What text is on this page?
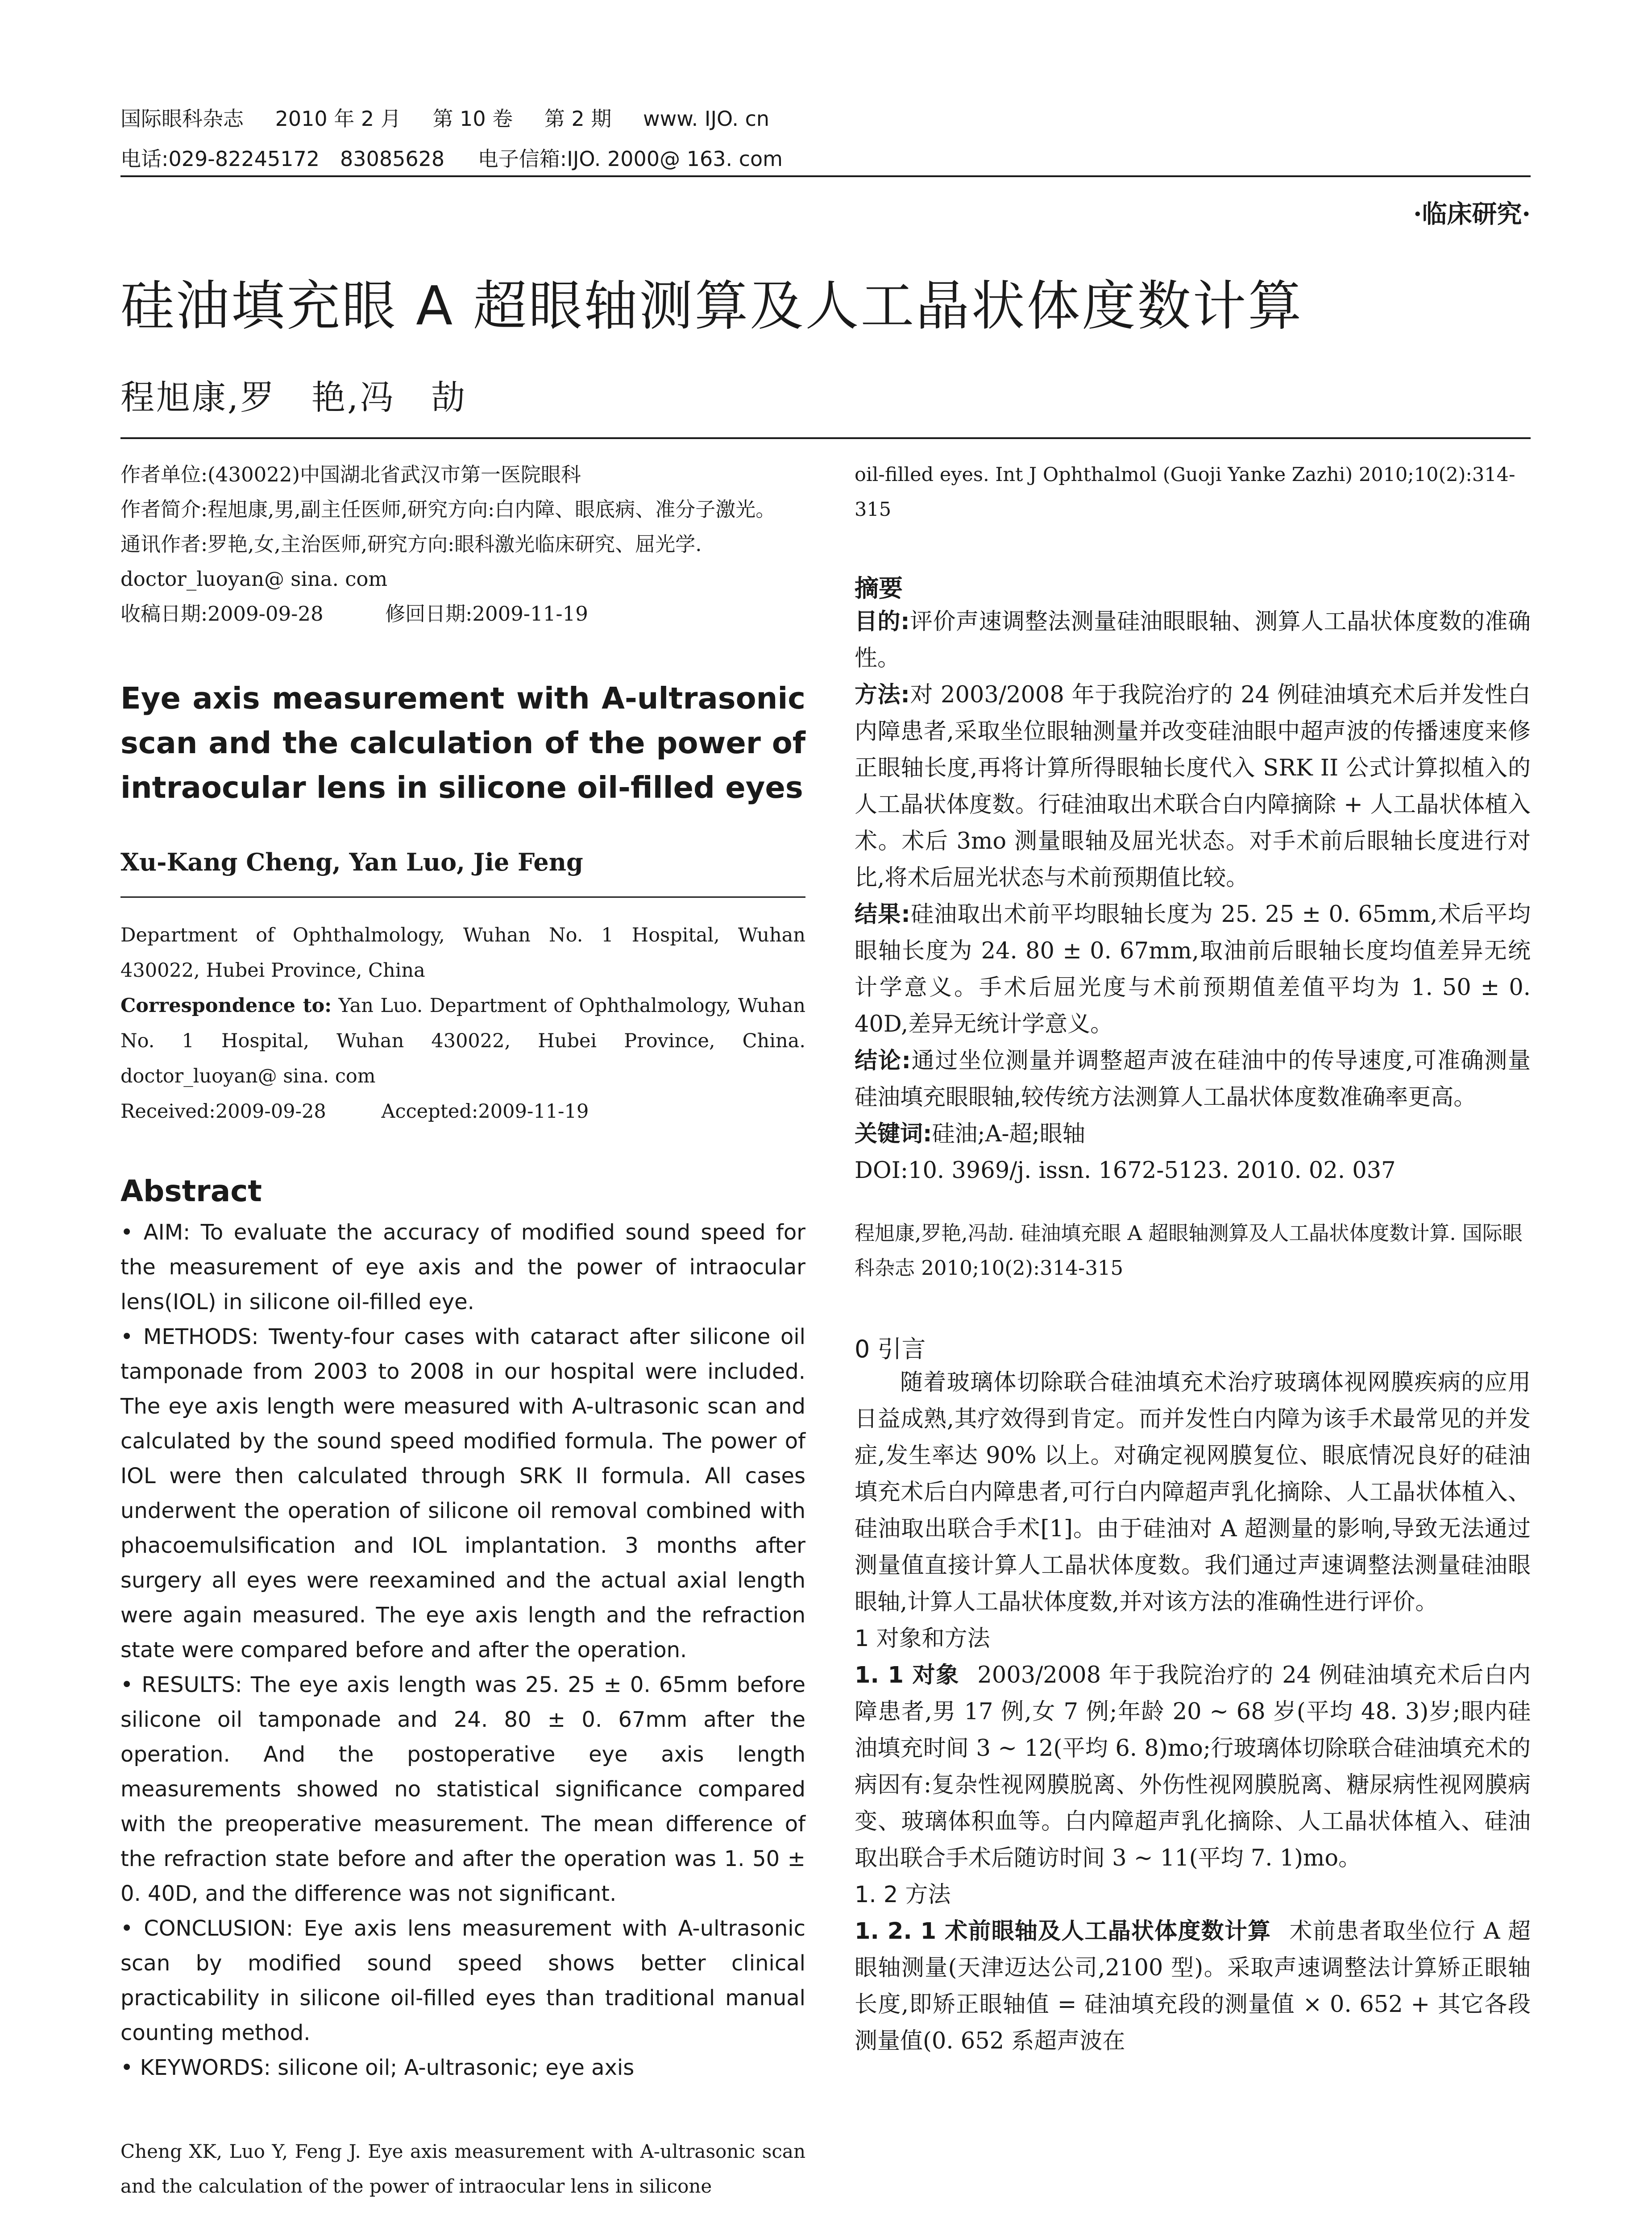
国际眼科杂志 2010 年 2 月 第 10 卷 第 2 期 www. IJO. cn
电话:029-82245172　83085628 电子信箱:IJO. 2000@ 163. com
·临床研究·
硅油填充眼 A 超眼轴测算及人工晶状体度数计算
程旭康,罗　艳,冯　劼

作者单位:(430022)中国湖北省武汉市第一医院眼科

作者简介:程旭康,男,副主任医师,研究方向:白内障、眼底病、准分子激光。

通讯作者:罗艳,女,主治医师,研究方向:眼科激光临床研究、屈光学. doctor_luoyan@ sina. com

收稿日期:2009-09-28	修回日期:2009-11-19

Eye axis measurement with A-ultrasonic scan and the calculation of the power of intraocular lens in silicone oil-filled eyes
Xu-Kang Cheng, Yan Luo, Jie Feng

Department of Ophthalmology, Wuhan No. 1 Hospital, Wuhan 430022, Hubei Province, China

Correspondence to: Yan Luo. Department of Ophthalmology, Wuhan No. 1 Hospital, Wuhan 430022, Hubei Province, China. doctor_luoyan@ sina. com

Received:2009-09-28	Accepted:2009-11-19

Abstract

• AIM: To evaluate the accuracy of modified sound speed for the measurement of eye axis and the power of intraocular lens(IOL) in silicone oil-filled eye.

• METHODS: Twenty-four cases with cataract after silicone oil tamponade from 2003 to 2008 in our hospital were included. The eye axis length were measured with A-ultrasonic scan and calculated by the sound speed modified formula. The power of IOL were then calculated through SRK II formula. All cases underwent the operation of silicone oil removal combined with phacoemulsification and IOL implantation. 3 months after surgery all eyes were reexamined and the actual axial length were again measured. The eye axis length and the refraction state were compared before and after the operation.

• RESULTS: The eye axis length was 25. 25 ± 0. 65mm before silicone oil tamponade and 24. 80 ± 0. 67mm after the operation. And the postoperative eye axis length measurements showed no statistical significance compared with the preoperative measurement. The mean difference of the refraction state before and after the operation was 1. 50 ± 0. 40D, and the difference was not significant.

• CONCLUSION: Eye axis lens measurement with A-ultrasonic scan by modified sound speed shows better clinical practicability in silicone oil-filled eyes than traditional manual counting method.

• KEYWORDS: silicone oil; A-ultrasonic; eye axis

Cheng XK, Luo Y, Feng J. Eye axis measurement with A-ultrasonic scan and the calculation of the power of intraocular lens in silicone
oil-filled eyes. Int J Ophthalmol (Guoji Yanke Zazhi) 2010;10(2):314-315
摘要

目的:评价声速调整法测量硅油眼眼轴、测算人工晶状体度数的准确性。

方法:对 2003/2008 年于我院治疗的 24 例硅油填充术后并发性白内障患者,采取坐位眼轴测量并改变硅油眼中超声波的传播速度来修正眼轴长度,再将计算所得眼轴长度代入 SRK II 公式计算拟植入的人工晶状体度数。行硅油取出术联合白内障摘除 + 人工晶状体植入术。术后 3mo 测量眼轴及屈光状态。对手术前后眼轴长度进行对比,将术后屈光状态与术前预期值比较。

结果:硅油取出术前平均眼轴长度为 25. 25 ± 0. 65mm,术后平均眼轴长度为 24. 80 ± 0. 67mm,取油前后眼轴长度均值差异无统计学意义。手术后屈光度与术前预期值差值平均为 1. 50 ± 0. 40D,差异无统计学意义。

结论:通过坐位测量并调整超声波在硅油中的传导速度,可准确测量硅油填充眼眼轴,较传统方法测算人工晶状体度数准确率更高。

关键词:硅油;A-超;眼轴

DOI:10. 3969/j. issn. 1672-5123. 2010. 02. 037

程旭康,罗艳,冯劼. 硅油填充眼 A 超眼轴测算及人工晶状体度数计算. 国际眼科杂志 2010;10(2):314-315
0 引言

随着玻璃体切除联合硅油填充术治疗玻璃体视网膜疾病的应用日益成熟,其疗效得到肯定。而并发性白内障为该手术最常见的并发症,发生率达 90% 以上。对确定视网膜复位、眼底情况良好的硅油填充术后白内障患者,可行白内障超声乳化摘除、人工晶状体植入、硅油取出联合手术[1]。由于硅油对 A 超测量的影响,导致无法通过测量值直接计算人工晶状体度数。我们通过声速调整法测量硅油眼眼轴,计算人工晶状体度数,并对该方法的准确性进行评价。

1 对象和方法

1. 1 对象 2003/2008 年于我院治疗的 24 例硅油填充术后白内障患者,男 17 例,女 7 例;年龄 20 ~ 68 岁(平均 48. 3)岁;眼内硅油填充时间 3 ~ 12(平均 6. 8)mo;行玻璃体切除联合硅油填充术的病因有:复杂性视网膜脱离、外伤性视网膜脱离、糖尿病性视网膜病变、玻璃体积血等。白内障超声乳化摘除、人工晶状体植入、硅油取出联合手术后随访时间 3 ~ 11(平均 7. 1)mo。

1. 2 方法

1. 2. 1 术前眼轴及人工晶状体度数计算 术前患者取坐位行 A 超眼轴测量(天津迈达公司,2100 型)。采取声速调整法计算矫正眼轴长度,即矫正眼轴值 = 硅油填充段的测量值 × 0. 652 + 其它各段测量值(0. 652 系超声波在
